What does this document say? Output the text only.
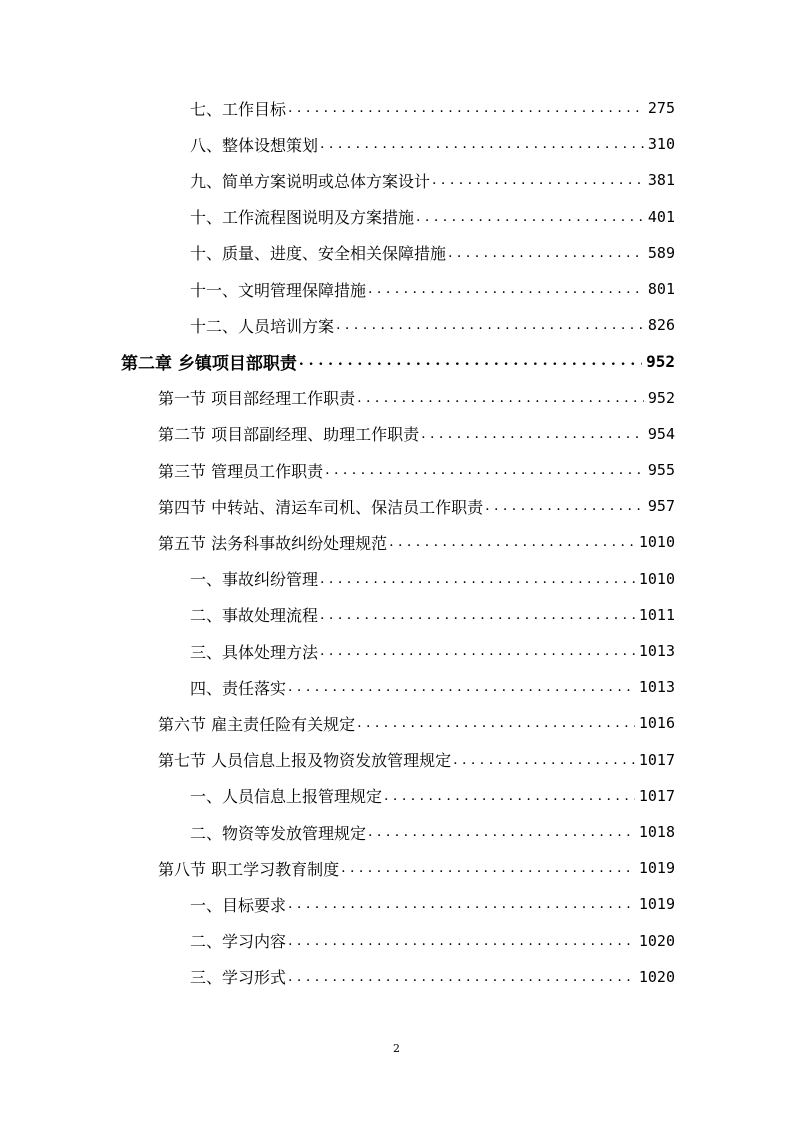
七、工作目标 . . .	275
八、整体设想策划 . . .	310
九、简单方案说明或总体方案设计 . . .	381
十、工作流程图说明及方案措施 . . .	401
十、质量、进度、安全相关保障措施 . . .	589
十一、文明管理保障措施 . . .	801
十二、人员培训方案 . . .	826
第二章 乡镇项目部职责 . . .	952
第一节 项目部经理工作职责 . . .	952
第二节 项目部副经理、助理工作职责 . . .	954
第三节 管理员工作职责 . . .	955
第四节 中转站、清运车司机、保洁员工作职责 . . .	957
第五节 法务科事故纠纷处理规范 . . .	1010
一、事故纠纷管理 . . .	1010
二、事故处理流程 . . .	1011
三、具体处理方法 . . .	1013
四、责任落实 . . .	1013
第六节 雇主责任险有关规定 . . .	1016
第七节 人员信息上报及物资发放管理规定 . . .	1017
一、人员信息上报管理规定 . . .	1017
二、物资等发放管理规定 . . .	1018
第八节 职工学习教育制度 . . .	1019
一、目标要求 . . .	1019
二、学习内容 . . .	1020
三、学习形式 . . .	1020
2
